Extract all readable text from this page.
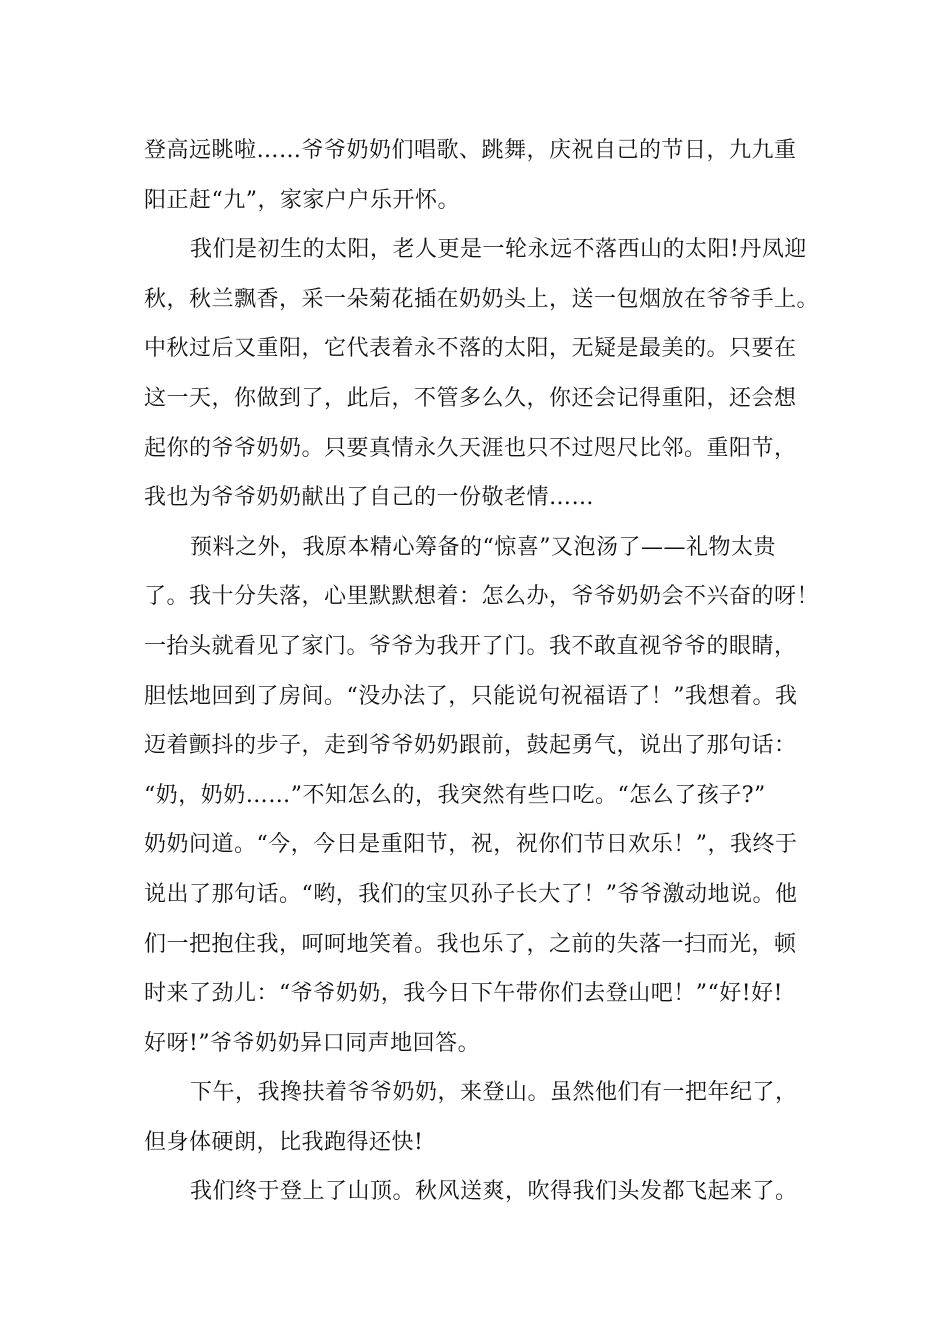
登高远眺啦……爷爷奶奶们唱歌、跳舞，庆祝自己的节日，九九重
阳正赶“九”，家家户户乐开怀。
我们是初生的太阳，老人更是一轮永远不落西山的太阳!丹凤迎
秋，秋兰飘香，采一朵菊花插在奶奶头上，送一包烟放在爷爷手上。
中秋过后又重阳，它代表着永不落的太阳，无疑是最美的。只要在
这一天，你做到了，此后，不管多么久，你还会记得重阳，还会想
起你的爷爷奶奶。只要真情永久天涯也只不过咫尺比邻。重阳节，
我也为爷爷奶奶献出了自己的一份敬老情……
预料之外，我原本精心筹备的“惊喜”又泡汤了——礼物太贵
了。我十分失落，心里默默想着：怎么办，爷爷奶奶会不兴奋的呀！
一抬头就看见了家门。爷爷为我开了门。我不敢直视爷爷的眼睛，
胆怯地回到了房间。“没办法了，只能说句祝福语了！”我想着。我
迈着颤抖的步子，走到爷爷奶奶跟前，鼓起勇气，说出了那句话：
“奶，奶奶……”不知怎么的，我突然有些口吃。“怎么了孩子?”
奶奶问道。“今，今日是重阳节，祝，祝你们节日欢乐！”，我终于
说出了那句话。“哟，我们的宝贝孙子长大了！”爷爷激动地说。他
们一把抱住我，呵呵地笑着。我也乐了，之前的失落一扫而光，顿
时来了劲儿：“爷爷奶奶，我今日下午带你们去登山吧！”“好!好!
好呀!”爷爷奶奶异口同声地回答。
下午，我搀扶着爷爷奶奶，来登山。虽然他们有一把年纪了，
但身体硬朗，比我跑得还快!
我们终于登上了山顶。秋风送爽，吹得我们头发都飞起来了。
